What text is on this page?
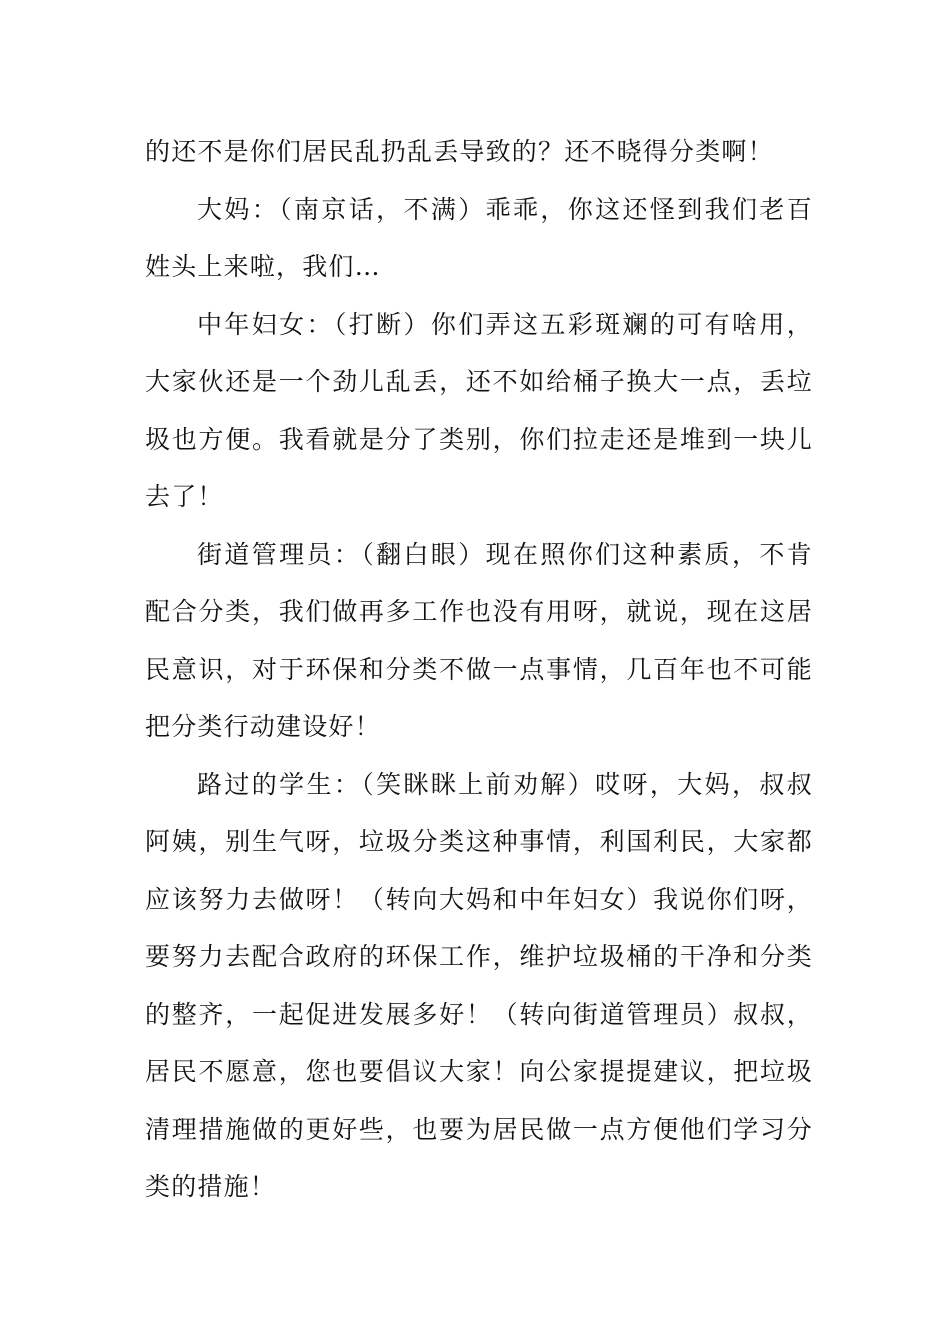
的还不是你们居民乱扔乱丢导致的？还不晓得分类啊！

大妈：（南京话，不满）乖乖，你这还怪到我们老百姓头上来啦，我们…

中年妇女：（打断）你们弄这五彩斑斓的可有啥用，大家伙还是一个劲儿乱丢，还不如给桶子换大一点，丢垃圾也方便。我看就是分了类别，你们拉走还是堆到一块儿去了！

街道管理员：（翻白眼）现在照你们这种素质，不肯配合分类，我们做再多工作也没有用呀，就说，现在这居民意识，对于环保和分类不做一点事情，几百年也不可能把分类行动建设好！

路过的学生：（笑眯眯上前劝解）哎呀，大妈，叔叔阿姨，别生气呀，垃圾分类这种事情，利国利民，大家都应该努力去做呀！（转向大妈和中年妇女）我说你们呀，要努力去配合政府的环保工作，维护垃圾桶的干净和分类的整齐，一起促进发展多好！（转向街道管理员）叔叔，居民不愿意，您也要倡议大家！向公家提提建议，把垃圾清理措施做的更好些，也要为居民做一点方便他们学习分类的措施！
